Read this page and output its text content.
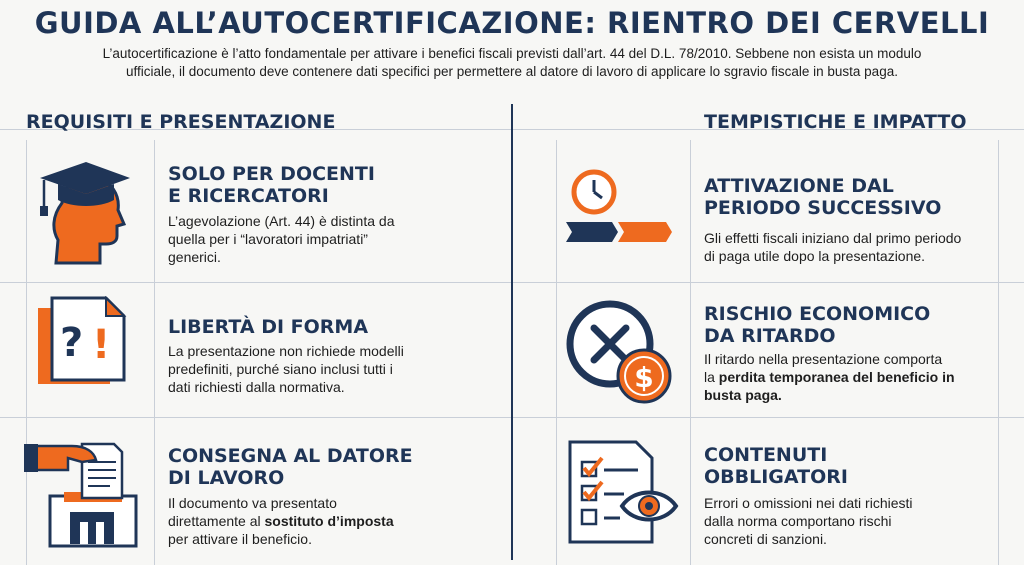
GUIDA ALL’AUTOCERTIFICAZIONE: RIENTRO DEI CERVELLI
L’autocertificazione è l’atto fondamentale per attivare i benefici fiscali previsti dall’art. 44 del D.L. 78/2010. Sebbene non esista un modulo
ufficiale, il documento deve contenere dati specifici per permettere al datore di lavoro di applicare lo sgravio fiscale in busta paga.
REQUISITI E PRESENTAZIONE	TEMPISTICHE E IMPATTO
SOLO PER DOCENTI
E RICERCATORI
L’agevolazione (Art. 44) è distinta da
quella per i “lavoratori impatriati”
generici.
? !	LIBERTÀ DI FORMA
La presentazione non richiede modelli
predefiniti, purché siano inclusi tutti i
dati richiesti dalla normativa.
CONSEGNA AL DATORE
DI LAVORO
Il documento va presentato
direttamente al sostituto d’imposta
per attivare il beneficio.
ATTIVAZIONE DAL
PERIODO SUCCESSIVO
Gli effetti fiscali iniziano dal primo periodo
di paga utile dopo la presentazione.
$
RISCHIO ECONOMICO
DA RITARDO
Il ritardo nella presentazione comporta
la perdita temporanea del beneficio in
busta paga.
CONTENUTI
OBBLIGATORI
Errori o omissioni nei dati richiesti
dalla norma comportano rischi
concreti di sanzioni.
